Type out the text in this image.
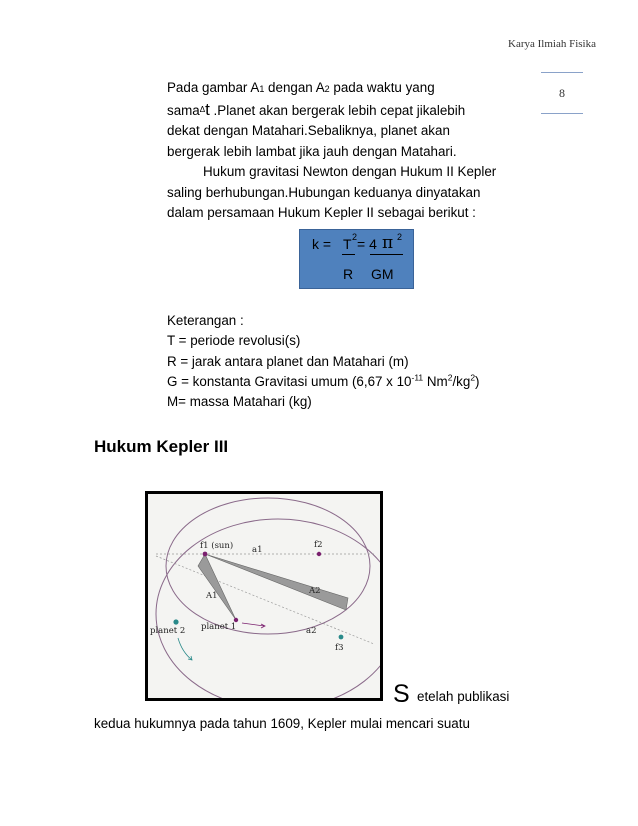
Karya Ilmiah Fisika
8
Pada gambar A1 dengan A2 pada waktu yang
sama$^\Delta$t .Planet akan bergerak lebih cepat jikalebih
dekat dengan Matahari.Sebaliknya, planet akan
bergerak lebih lambat jika jauh dengan Matahari.
Hukum gravitasi Newton dengan Hukum II Kepler
saling berhubungan.Hubungan keduanya dinyatakan
dalam persamaan Hukum Kepler II sebagai berikut :
k = T 2 = 4 π 2
R GM
Keterangan :
T = periode revolusi(s)
R = jarak antara planet dan Matahari (m)
G = konstanta Gravitasi umum (6,67 x $10^{-11}$ $Nm^2/kg^2$)
M= massa Matahari (kg)
Hukum Kepler III
f1 (sun) a1	f2
A2
A1
planet 2 planet 1	a2
f3
S etelah publikasi
kedua hukumnya pada tahun 1609, Kepler mulai mencari suatu
